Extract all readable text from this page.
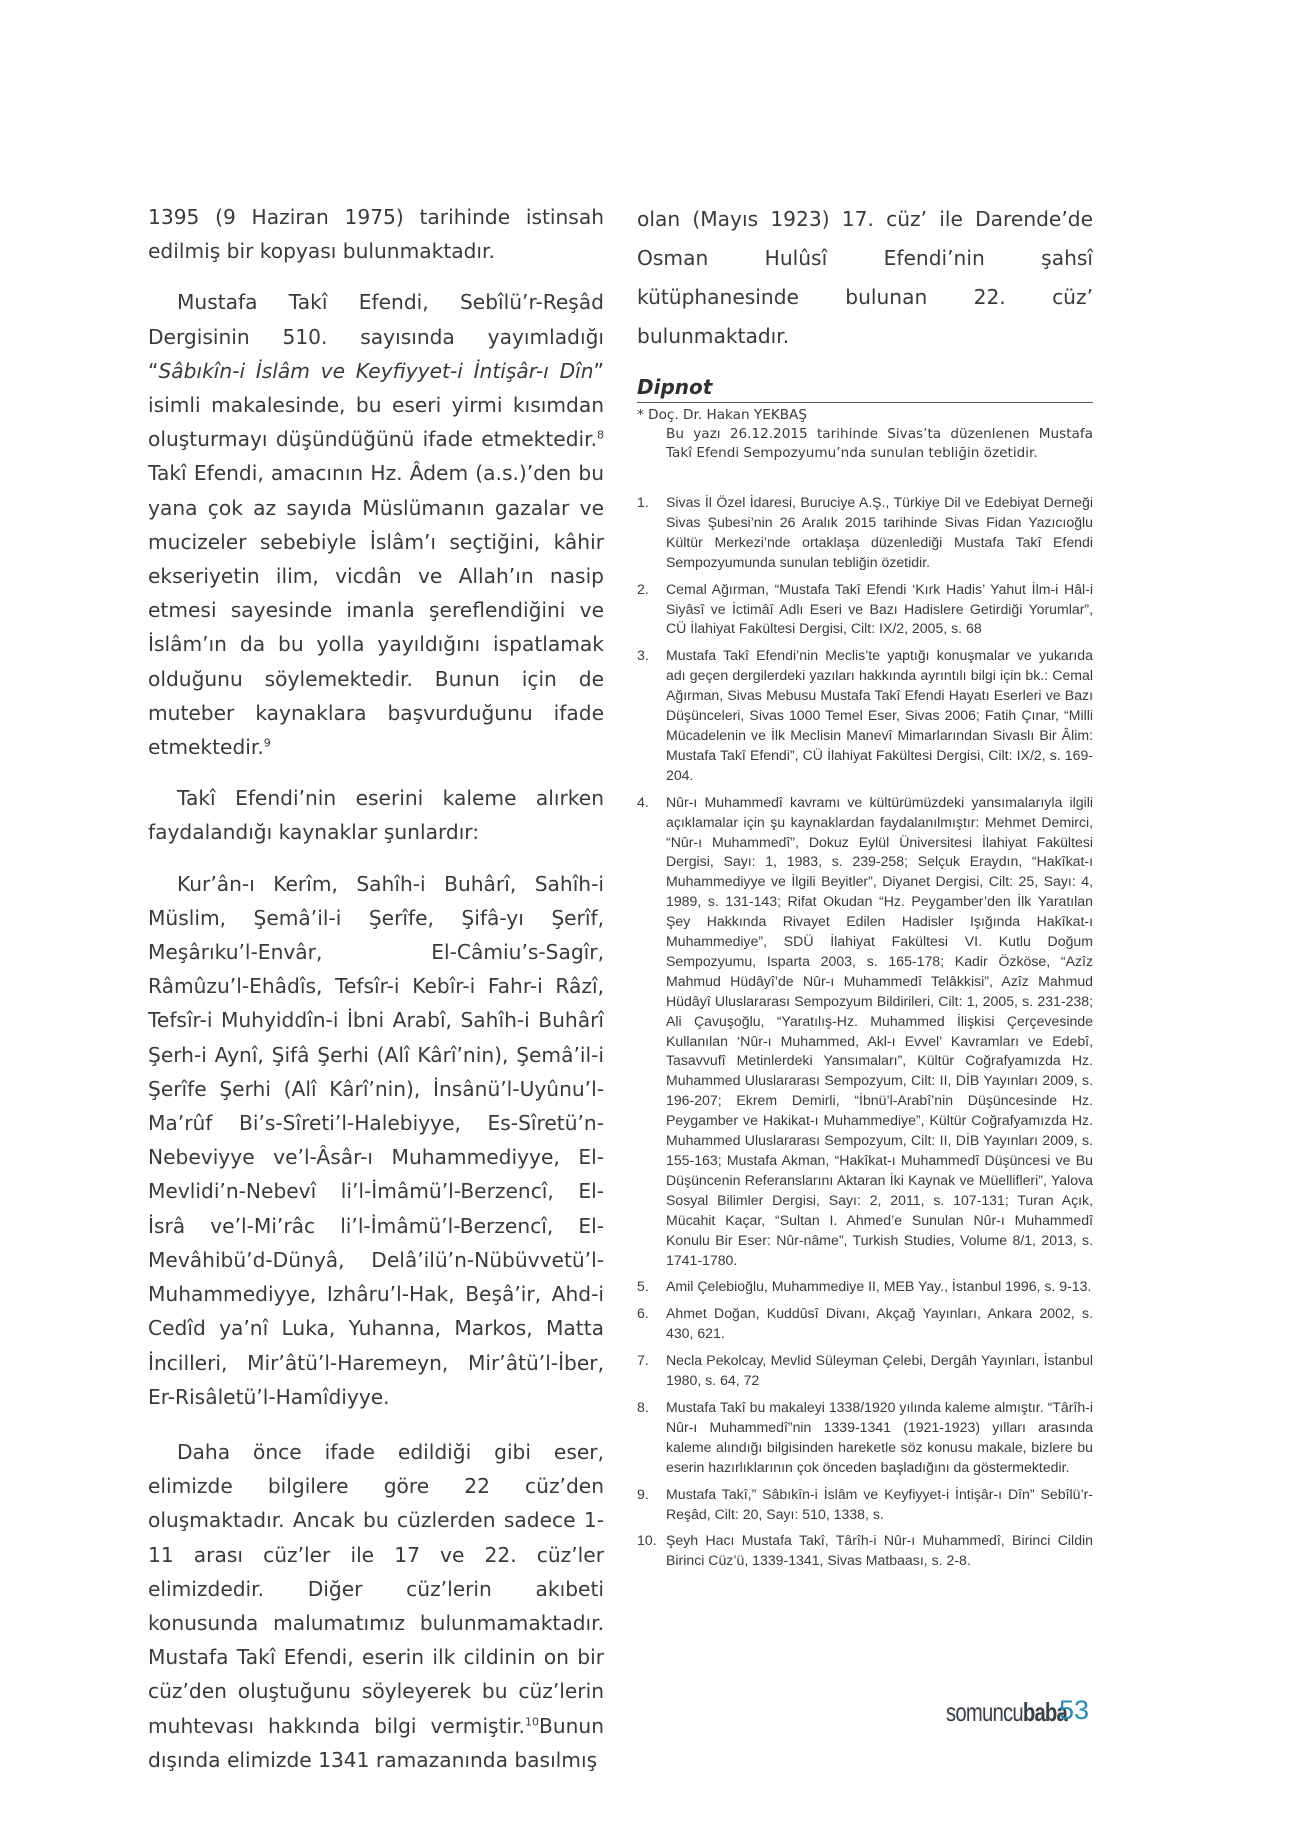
1395 (9 Haziran 1975) tarihinde istinsah edilmiş bir kopyası bulunmaktadır.

Mustafa Takî Efendi, Sebîlü’r-Reşâd Dergisinin 510. sayısında yayımladığı “Sâbıkîn-i İslâm ve Keyfiyyet-i İntişâr-ı Dîn” isimli makalesinde, bu eseri yirmi kısımdan oluşturmayı düşündüğünü ifade etmektedir.$^8$ Takî Efendi, amacının Hz. Âdem (a.s.)’den bu yana çok az sayıda Müslümanın gazalar ve mucizeler sebebiyle İslâm’ı seçtiğini, kâhir ekseriyetin ilim, vicdân ve Allah’ın nasip etmesi sayesinde imanla şereflendiğini ve İslâm’ın da bu yolla yayıldığını ispatlamak olduğunu söylemektedir. Bunun için de muteber kaynaklara başvurduğunu ifade etmektedir.$^9$

Takî Efendi’nin eserini kaleme alırken faydalandığı kaynaklar şunlardır:

Kur’ân-ı Kerîm, Sahîh-i Buhârî, Sahîh-i Müslim, Şemâ’il-i Şerîfe, Şifâ-yı Şerîf, Meşârıku’l-Envâr, El-Câmiu’s-Sagîr, Râmûzu’l-Ehâdîs, Tefsîr-i Kebîr-i Fahr-i Râzî, Tefsîr-i Muhyiddîn-i İbni Arabî, Sahîh-i Buhârî Şerh-i Aynî, Şifâ Şerhi (Alî Kârî’nin), Şemâ’il-i Şerîfe Şerhi (Alî Kârî’nin), İnsânü’l-Uyûnu’l-Ma’rûf Bi’s-Sîreti’l-Halebiyye, Es-Sîretü’n-Nebeviyye ve’l-Âsâr-ı Muhammediyye, El-Mevlidi’n-Nebevî li’l-İmâmü’l-Berzencî, El-İsrâ ve’l-Mi’râc li’l-İmâmü’l-Berzencî, El-Mevâhibü’d-Dünyâ, Delâ’ilü’n-Nübüvvetü’l-Muhammediyye, Izhâru’l-Hak, Beşâ’ir, Ahd-i Cedîd ya’nî Luka, Yuhanna, Markos, Matta İncilleri, Mir’âtü’l-Haremeyn, Mir’âtü’l-İber, Er-Risâletü’l-Hamîdiyye.

Daha önce ifade edildiği gibi eser, elimizde bilgilere göre 22 cüz’den oluşmaktadır. Ancak bu cüzlerden sadece 1-11 arası cüz’ler ile 17 ve 22. cüz’ler elimizdedir. Diğer cüz’lerin akıbeti konusunda malumatımız bulunmamaktadır. Mustafa Takî Efendi, eserin ilk cildinin on bir cüz’den oluştuğunu söyleyerek bu cüz’lerin muhtevası hakkında bilgi vermiştir.$^{10}$Bunun dışında elimizde 1341 ramazanında basılmış

olan (Mayıs 1923) 17. cüz’ ile Darende’de Osman Hulûsî Efendi’nin şahsî kütüphanesinde bulunan 22. cüz’ bulunmaktadır.

Dipnot
* Doç. Dr. Hakan YEKBAŞ
Bu yazı 26.12.2015 tarihinde Sivas’ta düzenlenen Mustafa Takî Efendi Sempozyumu’nda sunulan tebliğin özetidir.
1. Sivas İl Özel İdaresi, Buruciye A.Ş., Türkiye Dil ve Edebiyat Derneği Sivas Şubesi’nin 26 Aralık 2015 tarihinde Sivas Fidan Yazıcıoğlu Kültür Merkezi’nde ortaklaşa düzenlediği Mustafa Takî Efendi Sempozyumunda sunulan tebliğin özetidir.
2. Cemal Ağırman, “Mustafa Takî Efendi ‘Kırk Hadis’ Yahut İlm-i Hâl-i Siyâsî ve İctimâî Adlı Eseri ve Bazı Hadislere Getirdiği Yorumlar”, CÜ İlahiyat Fakültesi Dergisi, Cilt: IX/2, 2005, s. 68
3. Mustafa Takî Efendi’nin Meclis’te yaptığı konuşmalar ve yukarıda adı geçen dergilerdeki yazıları hakkında ayrıntılı bilgi için bk.: Cemal Ağırman, Sivas Mebusu Mustafa Takî Efendi Hayatı Eserleri ve Bazı Düşünceleri, Sivas 1000 Temel Eser, Sivas 2006; Fatih Çınar, “Milli Mücadelenin ve İlk Meclisin Manevî Mimarlarından Sivaslı Bir Âlim: Mustafa Takî Efendi”, CÜ İlahiyat Fakültesi Dergisi, Cilt: IX/2, s. 169-204.
4. Nûr-ı Muhammedî kavramı ve kültürümüzdeki yansımalarıyla ilgili açıklamalar için şu kaynaklardan faydalanılmıştır: Mehmet Demirci, “Nûr-ı Muhammedî”, Dokuz Eylül Üniversitesi İlahiyat Fakültesi Dergisi, Sayı: 1, 1983, s. 239-258; Selçuk Eraydın, “Hakîkat-ı Muhammediyye ve İlgili Beyitler”, Diyanet Dergisi, Cilt: 25, Sayı: 4, 1989, s. 131-143; Rifat Okudan “Hz. Peygamber’den İlk Yaratılan Şey Hakkında Rivayet Edilen Hadisler Işığında Hakîkat-ı Muhammediye”, SDÜ İlahiyat Fakültesi VI. Kutlu Doğum Sempozyumu, Isparta 2003, s. 165-178; Kadir Özköse, “Azîz Mahmud Hüdâyî’de Nûr-ı Muhammedî Telâkkisi”, Azîz Mahmud Hüdâyî Uluslararası Sempozyum Bildirileri, Cilt: 1, 2005, s. 231-238; Ali Çavuşoğlu, “Yaratılış-Hz. Muhammed İlişkisi Çerçevesinde Kullanılan ‘Nûr-ı Muhammed, Akl-ı Evvel’ Kavramları ve Edebî, Tasavvufî Metinlerdeki Yansımaları”, Kültür Coğrafyamızda Hz. Muhammed Uluslararası Sempozyum, Cilt: II, DİB Yayınları 2009, s. 196-207; Ekrem Demirli, “İbnü’l-Arabî’nin Düşüncesinde Hz. Peygamber ve Hakikat-ı Muhammediye”, Kültür Coğrafyamızda Hz. Muhammed Uluslararası Sempozyum, Cilt: II, DİB Yayınları 2009, s. 155-163; Mustafa Akman, “Hakîkat-ı Muhammedî Düşüncesi ve Bu Düşüncenin Referanslarını Aktaran İki Kaynak ve Müellifleri”, Yalova Sosyal Bilimler Dergisi, Sayı: 2, 2011, s. 107-131; Turan Açık, Mücahit Kaçar, “Sultan I. Ahmed’e Sunulan Nûr-ı Muhammedî Konulu Bir Eser: Nûr-nâme”, Turkish Studies, Volume 8/1, 2013, s. 1741-1780.
5. Amil Çelebioğlu, Muhammediye II, MEB Yay., İstanbul 1996, s. 9-13.
6. Ahmet Doğan, Kuddûsî Divanı, Akçağ Yayınları, Ankara 2002, s. 430, 621.
7. Necla Pekolcay, Mevlid Süleyman Çelebi, Dergâh Yayınları, İstanbul 1980, s. 64, 72
8. Mustafa Takî bu makaleyi 1338/1920 yılında kaleme almıştır. “Târîh-i Nûr-ı Muhammedî”nin 1339-1341 (1921-1923) yılları arasında kaleme alındığı bilgisinden hareketle söz konusu makale, bizlere bu eserin hazırlıklarının çok önceden başladığını da göstermektedir.
9. Mustafa Takî,” Sâbıkîn-i İslâm ve Keyfiyyet-i İntişâr-ı Dîn” Sebîlü’r-Reşâd, Cilt: 20, Sayı: 510, 1338, s.
10. Şeyh Hacı Mustafa Takî, Târîh-i Nûr-ı Muhammedî, Birinci Cildin Birinci Cüz’ü, 1339-1341, Sivas Matbaası, s. 2-8.
somuncubaba
53
